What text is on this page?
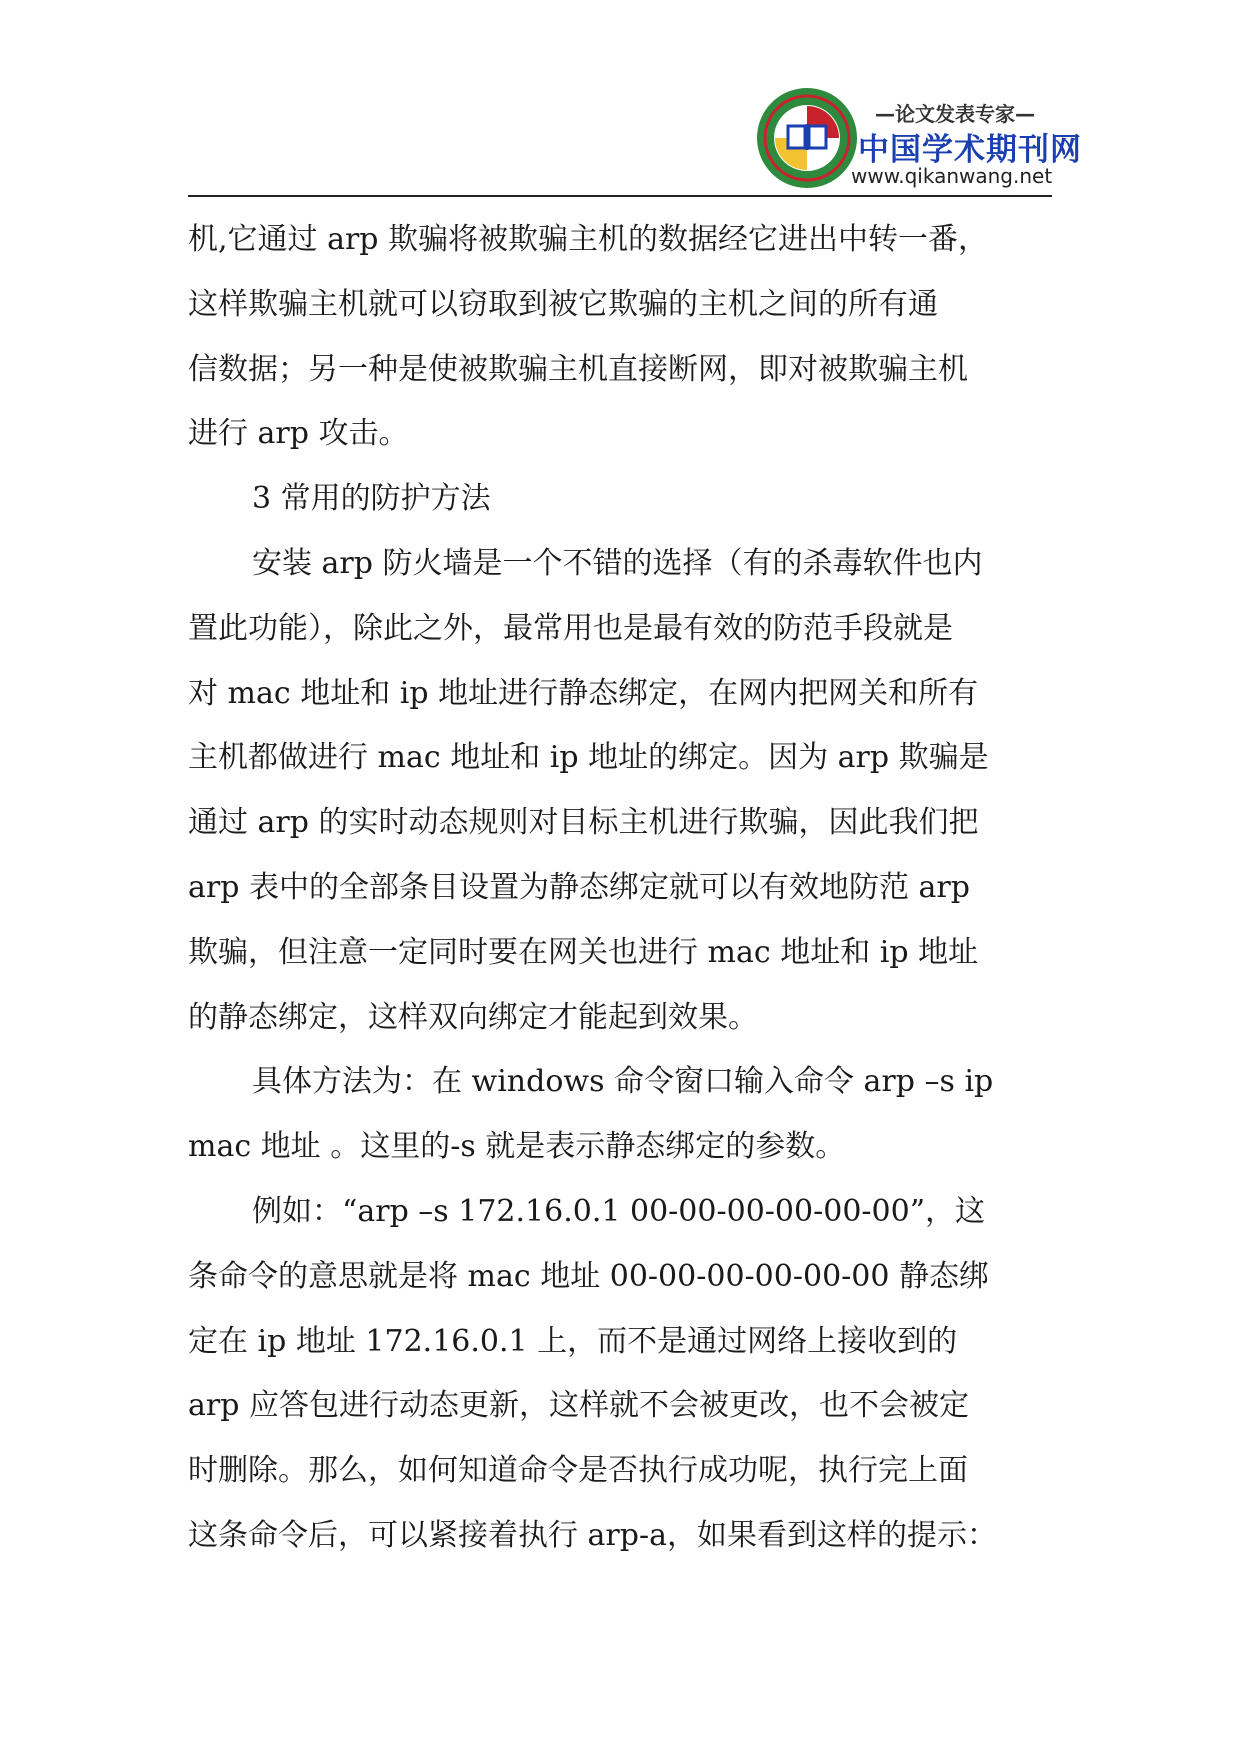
—论文发表专家—
中国学术期刊网
www.qikanwang.net

机,它通过 arp 欺骗将被欺骗主机的数据经它进出中转一番，

这样欺骗主机就可以窃取到被它欺骗的主机之间的所有通

信数据；另一种是使被欺骗主机直接断网，即对被欺骗主机

进行 arp 攻击。

3 常用的防护方法

安装 arp 防火墙是一个不错的选择（有的杀毒软件也内

置此功能），除此之外，最常用也是最有效的防范手段就是

对 mac 地址和 ip 地址进行静态绑定，在网内把网关和所有

主机都做进行 mac 地址和 ip 地址的绑定。因为 arp 欺骗是

通过 arp 的实时动态规则对目标主机进行欺骗，因此我们把

arp 表中的全部条目设置为静态绑定就可以有效地防范 arp

欺骗，但注意一定同时要在网关也进行 mac 地址和 ip 地址

的静态绑定，这样双向绑定才能起到效果。

具体方法为：在 windows 命令窗口输入命令 arp –s ip

mac 地址 。这里的-s 就是表示静态绑定的参数。

例如：“arp –s 172.16.0.1 00-00-00-00-00-00”，这

条命令的意思就是将 mac 地址 00-00-00-00-00-00 静态绑

定在 ip 地址 172.16.0.1 上，而不是通过网络上接收到的

arp 应答包进行动态更新，这样就不会被更改，也不会被定

时删除。那么，如何知道命令是否执行成功呢，执行完上面

这条命令后，可以紧接着执行 arp-a，如果看到这样的提示：
